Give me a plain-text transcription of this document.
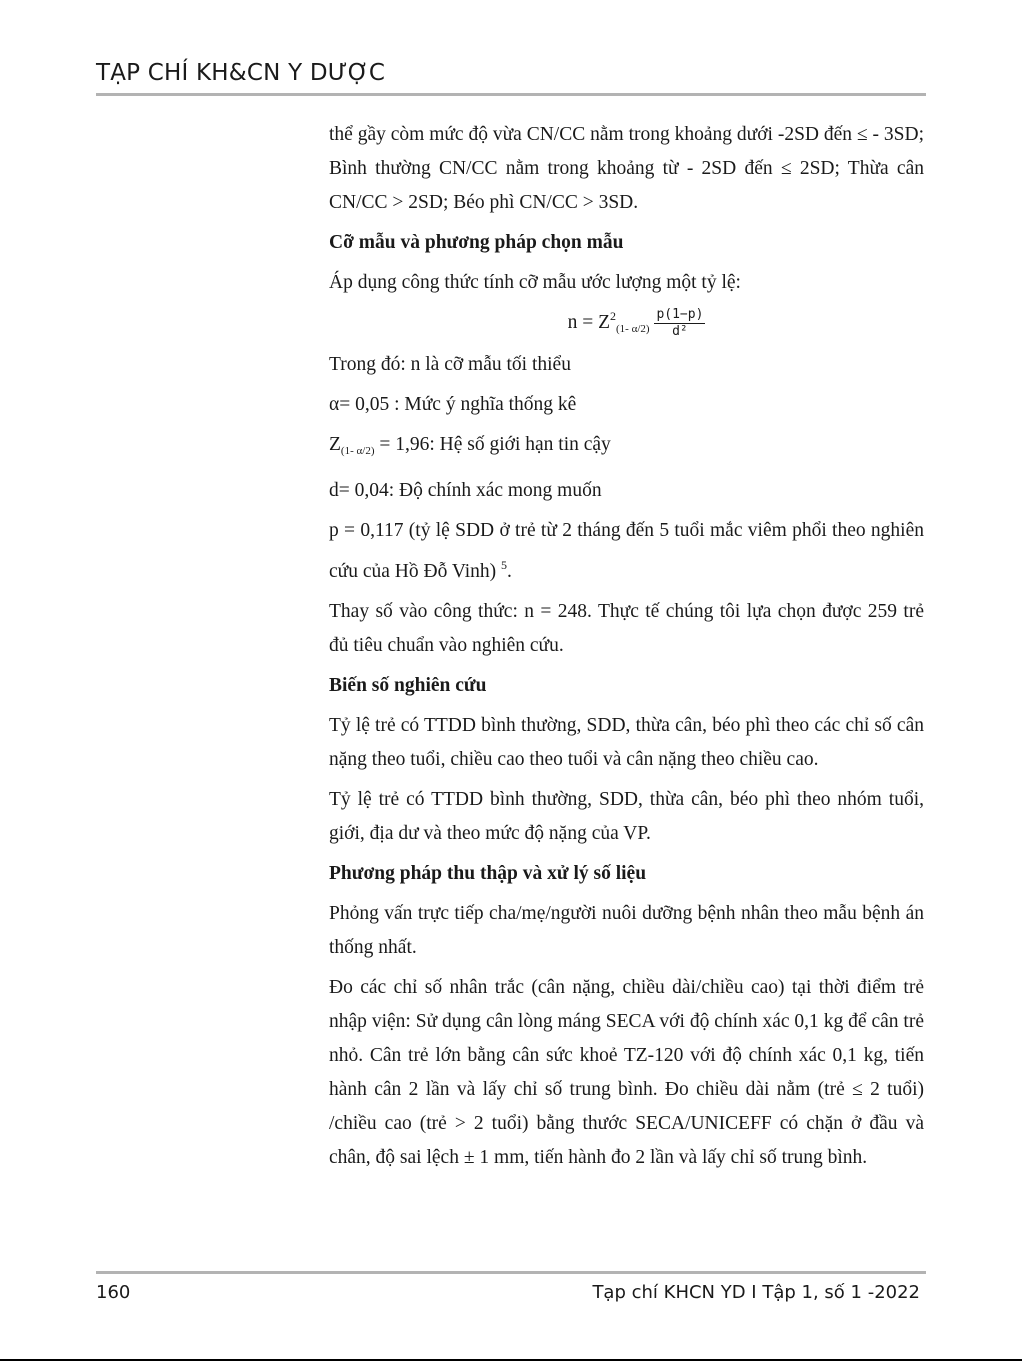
TẠP CHÍ KH&CN Y DƯỢC

thể gầy còm mức độ vừa CN/CC nằm trong khoảng dưới -2SD đến ≤ - 3SD; Bình thường CN/CC nằm trong khoảng từ - 2SD đến ≤ 2SD; Thừa cân CN/CC > 2SD; Béo phì CN/CC > 3SD.

Cỡ mẫu và phương pháp chọn mẫu

Áp dụng công thức tính cỡ mẫu ước lượng một tỷ lệ:

$n = Z^2_{(1- \alpha/2)} \frac{p(1-p)}{\text{d²}}$

Trong đó: n là cỡ mẫu tối thiểu

α= 0,05 : Mức ý nghĩa thống kê

$Z_{(1- \alpha/2)} = 1,96$: Hệ số giới hạn tin cậy

d= 0,04: Độ chính xác mong muốn

p = 0,117 (tỷ lệ SDD ở trẻ từ 2 tháng đến 5 tuổi mắc viêm phổi theo nghiên cứu của Hồ Đỗ Vinh) $^5$.

Thay số vào công thức: n = 248. Thực tế chúng tôi lựa chọn được 259 trẻ đủ tiêu chuẩn vào nghiên cứu.

Biến số nghiên cứu

Tỷ lệ trẻ có TTDD bình thường, SDD, thừa cân, béo phì theo các chỉ số cân nặng theo tuổi, chiều cao theo tuổi và cân nặng theo chiều cao.

Tỷ lệ trẻ có TTDD bình thường, SDD, thừa cân, béo phì theo nhóm tuổi, giới, địa dư và theo mức độ nặng của VP.

Phương pháp thu thập và xử lý số liệu

Phỏng vấn trực tiếp cha/mẹ/người nuôi dưỡng bệnh nhân theo mẫu bệnh án thống nhất.

Đo các chỉ số nhân trắc (cân nặng, chiều dài/chiều cao) tại thời điểm trẻ nhập viện: Sử dụng cân lòng máng SECA với độ chính xác 0,1 kg để cân trẻ nhỏ. Cân trẻ lớn bằng cân sức khoẻ TZ-120 với độ chính xác 0,1 kg, tiến hành cân 2 lần và lấy chỉ số trung bình. Đo chiều dài nằm (trẻ ≤ 2 tuổi) /chiều cao (trẻ > 2 tuổi) bằng thước SECA/UNICEFF có chặn ở đầu và chân, độ sai lệch ± 1 mm, tiến hành đo 2 lần và lấy chỉ số trung bình.

160	Tạp chí KHCN YD I Tập 1, số 1 -2022
